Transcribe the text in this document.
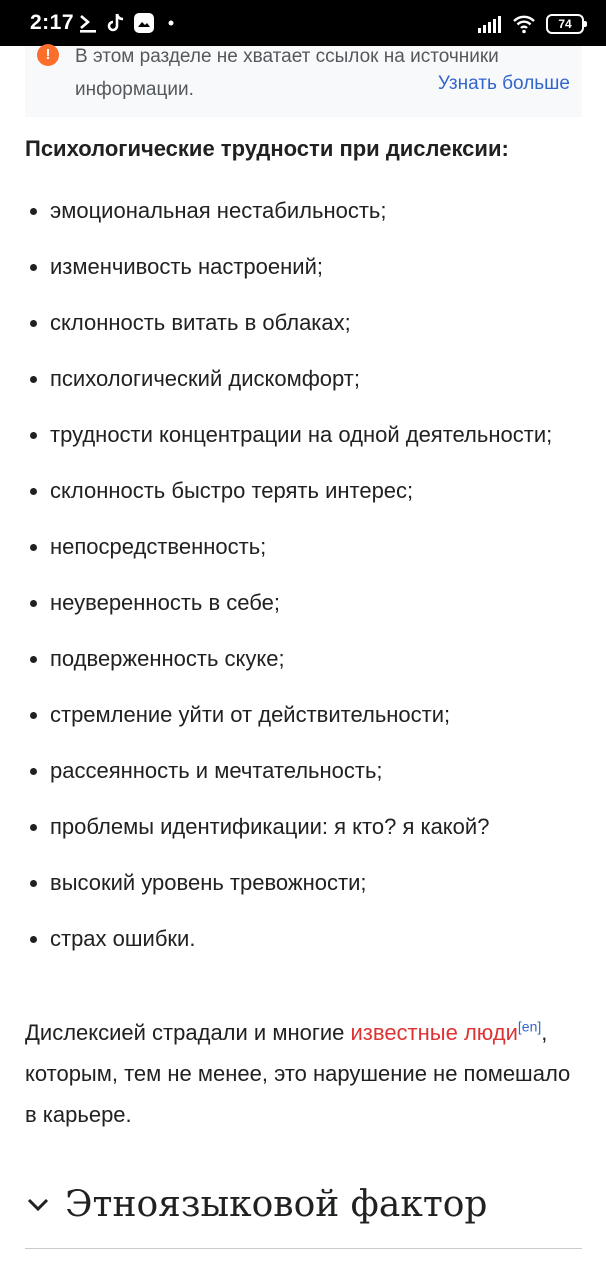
2:17	74
!	В этом разделе не хватает ссылок на источники информации.	Узнать больше
Психологические трудности при дислексии:
эмоциональная нестабильность;
изменчивость настроений;
склонность витать в облаках;
психологический дискомфорт;
трудности концентрации на одной деятельности;
склонность быстро терять интерес;
непосредственность;
неуверенность в себе;
подверженность скуке;
стремление уйти от действительности;
рассеянность и мечтательность;
проблемы идентификации: я кто? я какой?
высокий уровень тревожности;
страх ошибки.

Дислексией страдали и многие известные люди[en], которым, тем не менее, это нарушение не помешало в карьере.

Этноязыковой фактор
